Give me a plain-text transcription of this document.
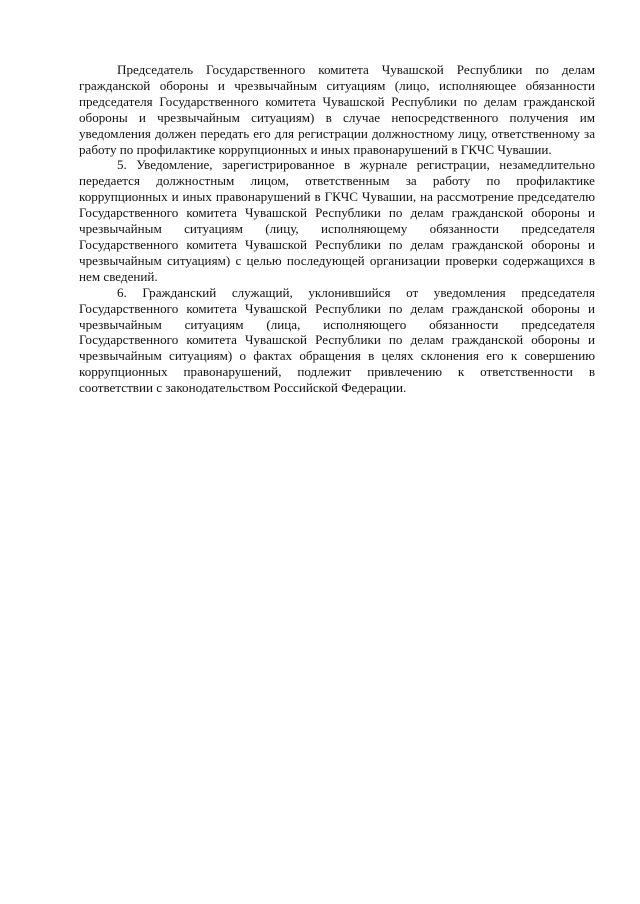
Председатель Государственного комитета Чувашской Республики по делам гражданской обороны и чрезвычайным ситуациям (лицо, исполняющее обязанности председателя Государственного комитета Чувашской Республики по делам гражданской обороны и чрезвычайным ситуациям) в случае непосредственного получения им уведомления должен передать его для регистрации должностному лицу, ответственному за работу по профилактике коррупционных и иных правонарушений в ГКЧС Чувашии.

5. Уведомление, зарегистрированное в журнале регистрации, незамедлительно передается должностным лицом, ответственным за работу по профилактике коррупционных и иных правонарушений в ГКЧС Чувашии, на рассмотрение председателю Государственного комитета Чувашской Республики по делам гражданской обороны и чрезвычайным ситуациям (лицу, исполняющему обязанности председателя Государственного комитета Чувашской Республики по делам гражданской обороны и чрезвычайным ситуациям) с целью последующей организации проверки содержащихся в нем сведений.

6. Гражданский служащий, уклонившийся от уведомления председателя Государственного комитета Чувашской Республики по делам гражданской обороны и чрезвычайным ситуациям (лица, исполняющего обязанности председателя Государственного комитета Чувашской Республики по делам гражданской обороны и чрезвычайным ситуациям) о фактах обращения в целях склонения его к совершению коррупционных правонарушений, подлежит привлечению к ответственности в соответствии с законодательством Российской Федерации.
